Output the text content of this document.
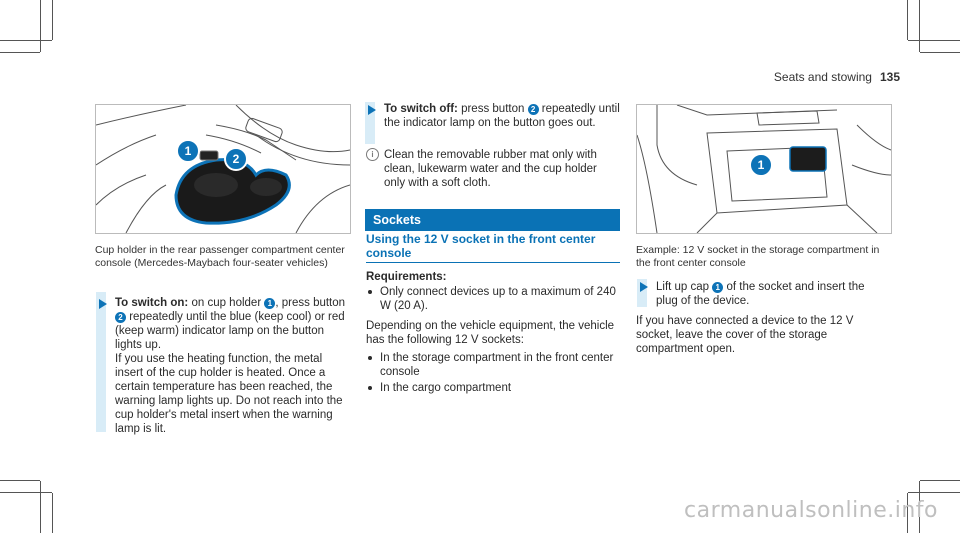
Seats and stowing 135
1
2
Cup holder in the rear passenger compartment center console (Mercedes-Maybach four-seater vehicles)
To switch on: on cup holder 1 , press button 2 repeatedly until the blue (keep cool) or red (keep warm) indicator lamp on the button lights up.
If you use the heating function, the metal insert of the cup holder is heated. Once a certain temperature has been reached, the warning lamp lights up. Do not reach into the cup holder's metal insert when the warning lamp is lit.
To switch off: press button 2 repeatedly until the indicator lamp on the button goes out.
i Clean the removable rubber mat only with clean, lukewarm water and the cup holder only with a soft cloth.
Sockets
Using the 12 V socket in the front center console
Requirements:
Only connect devices up to a maximum of 240 W (20 A).
Depending on the vehicle equipment, the vehicle has the following 12 V sockets:
In the storage compartment in the front center console
In the cargo compartment
1
Example: 12 V socket in the storage compartment in the front center console
Lift up cap 1 of the socket and insert the plug of the device.
If you have connected a device to the 12 V socket, leave the cover of the storage compartment open.
carmanualsonline.info
